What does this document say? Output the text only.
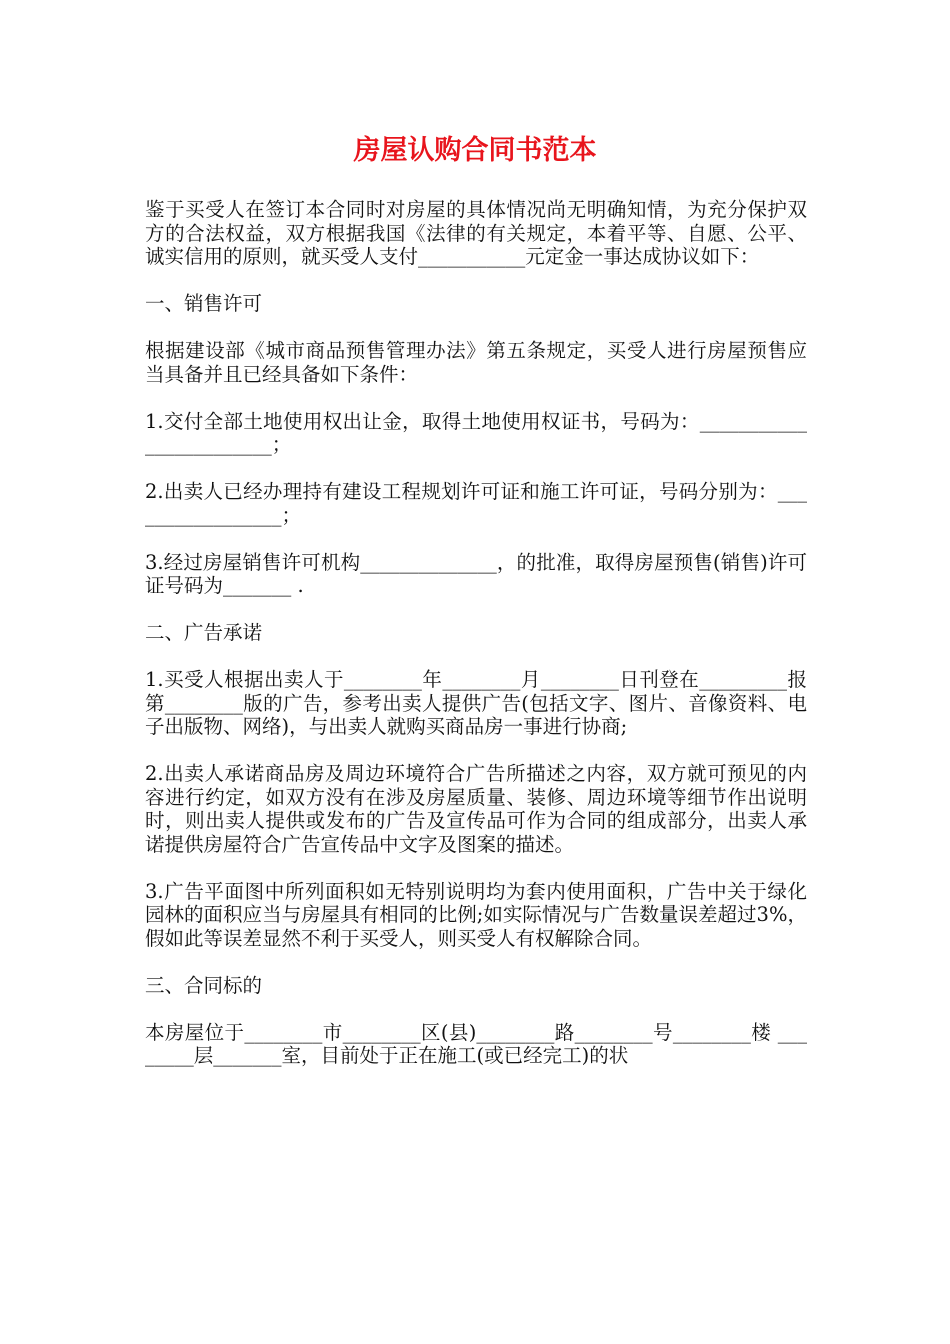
房屋认购合同书范本

鉴于买受人在签订本合同时对房屋的具体情况尚无明确知情，为充分保护双方的合法权益，双方根据我国《法律的有关规定，本着平等、自愿、公平、诚实信用的原则，就买受人支付___________元定金一事达成协议如下：

一、销售许可

根据建设部《城市商品预售管理办法》第五条规定，买受人进行房屋预售应当具备并且已经具备如下条件：

1.交付全部土地使用权出让金，取得土地使用权证书，号码为：________________________；

2.出卖人已经办理持有建设工程规划许可证和施工许可证，号码分别为：_________________；

3.经过房屋销售许可机构______________，的批准，取得房屋预售(销售)许可证号码为_______ .

二、广告承诺

1.买受人根据出卖人于________年________月________日刊登在_________报第________版的广告，参考出卖人提供广告(包括文字、图片、音像资料、电子出版物、网络)，与出卖人就购买商品房一事进行协商;

2.出卖人承诺商品房及周边环境符合广告所描述之内容，双方就可预见的内容进行约定，如双方没有在涉及房屋质量、装修、周边环境等细节作出说明时，则出卖人提供或发布的广告及宣传品可作为合同的组成部分，出卖人承诺提供房屋符合广告宣传品中文字及图案的描述。

3.广告平面图中所列面积如无特别说明均为套内使用面积，广告中关于绿化园林的面积应当与房屋具有相同的比例;如实际情况与广告数量误差超过3%，假如此等误差显然不利于买受人，则买受人有权解除合同。

三、合同标的

本房屋位于________市________区(县)________路________号________楼 ________层_______室，目前处于正在施工(或已经完工)的状
